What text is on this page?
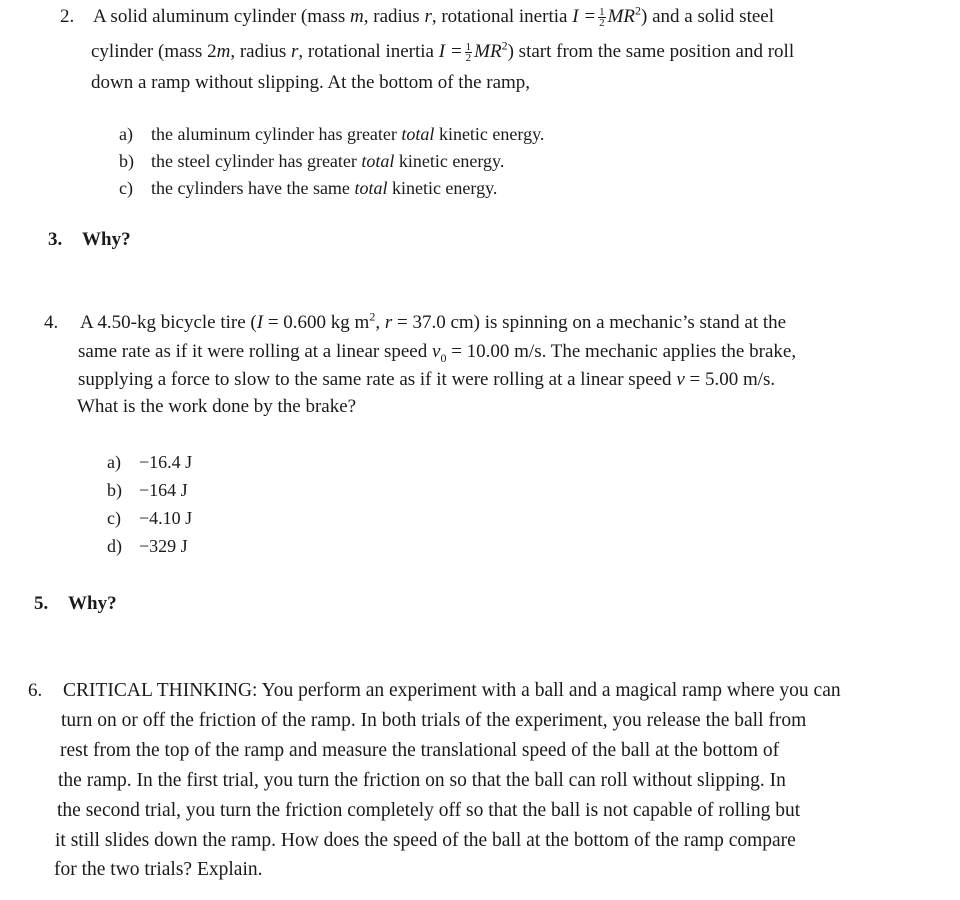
2. A solid aluminum cylinder (mass m, radius r, rotational inertia $I = \frac{1}{2} MR^2$) and a solid steel
cylinder (mass 2m, radius r, rotational inertia $I = \frac{1}{2} MR^2$) start from the same position and roll
down a ramp without slipping. At the bottom of the ramp,
a) the aluminum cylinder has greater total kinetic energy.
b) the steel cylinder has greater total kinetic energy.
c) the cylinders have the same total kinetic energy.
3. Why?
4. A 4.50-kg bicycle tire (I = 0.600 kg $m^2$, r = 37.0 cm) is spinning on a mechanic’s stand at the
same rate as if it were rolling at a linear speed $v_0 = 10.00$ m/s. The mechanic applies the brake,
supplying a force to slow to the same rate as if it were rolling at a linear speed v = 5.00 m/s.
What is the work done by the brake?
a) −16.4 J
b) −164 J
c) −4.10 J
d) −329 J
5. Why?
6. CRITICAL THINKING: You perform an experiment with a ball and a magical ramp where you can
turn on or off the friction of the ramp. In both trials of the experiment, you release the ball from
rest from the top of the ramp and measure the translational speed of the ball at the bottom of
the ramp. In the first trial, you turn the friction on so that the ball can roll without slipping. In
the second trial, you turn the friction completely off so that the ball is not capable of rolling but
it still slides down the ramp. How does the speed of the ball at the bottom of the ramp compare
for the two trials? Explain.
